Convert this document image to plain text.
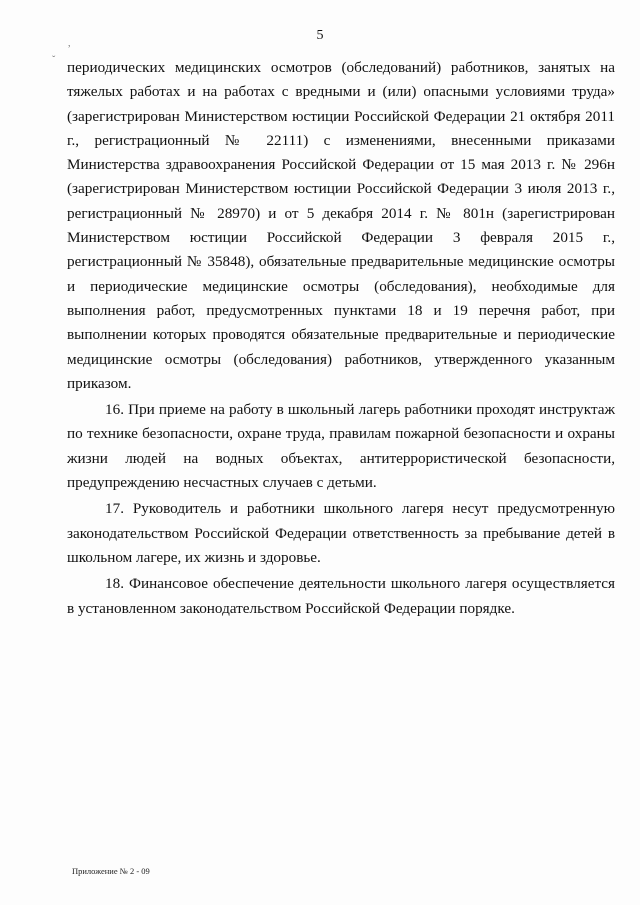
5
,
ˇ периодических медицинских осмотров (обследований) работников, занятых на тяжелых работах и на работах с вредными и (или) опасными условиями труда» (зарегистрирован Министерством юстиции Российской Федерации 21 октября 2011 г., регистрационный № 22111) с изменениями, внесенными приказами Министерства здравоохранения Российской Федерации от 15 мая 2013 г. № 296н (зарегистрирован Министерством юстиции Российской Федерации 3 июля 2013 г., регистрационный № 28970) и от 5 декабря 2014 г. № 801н (зарегистрирован Министерством юстиции Российской Федерации 3 февраля 2015 г., регистрационный № 35848), обязательные предварительные медицинские осмотры и периодические медицинские осмотры (обследования), необходимые для выполнения работ, предусмотренных пунктами 18 и 19 перечня работ, при выполнении которых проводятся обязательные предварительные и периодические медицинские осмотры (обследования) работников, утвержденного указанным приказом.

16. При приеме на работу в школьный лагерь работники проходят инструктаж по технике безопасности, охране труда, правилам пожарной безопасности и охраны жизни людей на водных объектах, антитеррористической безопасности, предупреждению несчастных случаев с детьми.

17. Руководитель и работники школьного лагеря несут предусмотренную законодательством Российской Федерации ответственность за пребывание детей в школьном лагере, их жизнь и здоровье.

18. Финансовое обеспечение деятельности школьного лагеря осуществляется в установленном законодательством Российской Федерации порядке.

Приложение № 2 - 09
